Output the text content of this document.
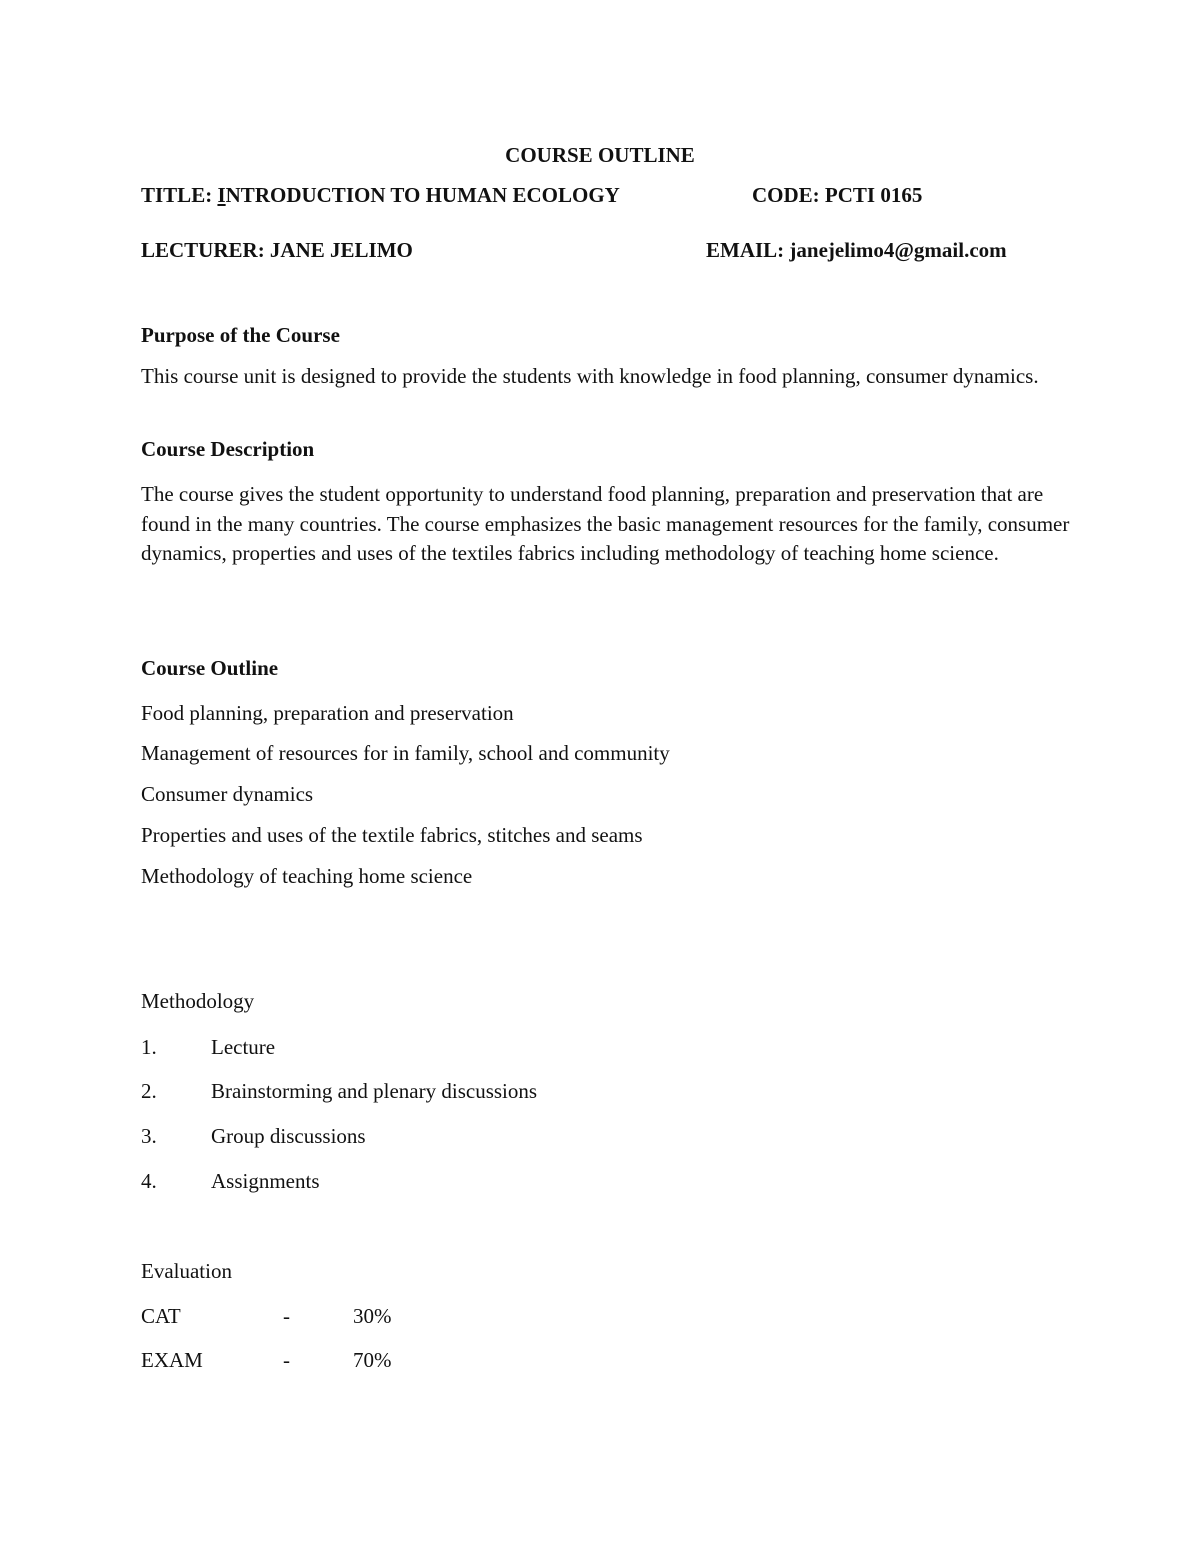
COURSE OUTLINE
TITLE: INTRODUCTION TO HUMAN ECOLOGY	CODE: PCTI 0165
LECTURER: JANE JELIMO	EMAIL: janejelimo4@gmail.com
Purpose of the Course
This course unit is designed to provide the students with knowledge in food planning, consumer dynamics.
Course Description
The course gives the student opportunity to understand food planning, preparation and preservation that are found in the many countries. The course emphasizes the basic management resources for the family, consumer dynamics, properties and uses of the textiles fabrics including methodology of teaching home science.
Course Outline
Food planning, preparation and preservation
Management of resources for in family, school and community
Consumer dynamics
Properties and uses of the textile fabrics, stitches and seams
Methodology of teaching home science
Methodology
1.	Lecture
2.	Brainstorming and plenary discussions
3.	Group discussions
4.	Assignments
Evaluation
CAT	-	30%
EXAM	-	70%
